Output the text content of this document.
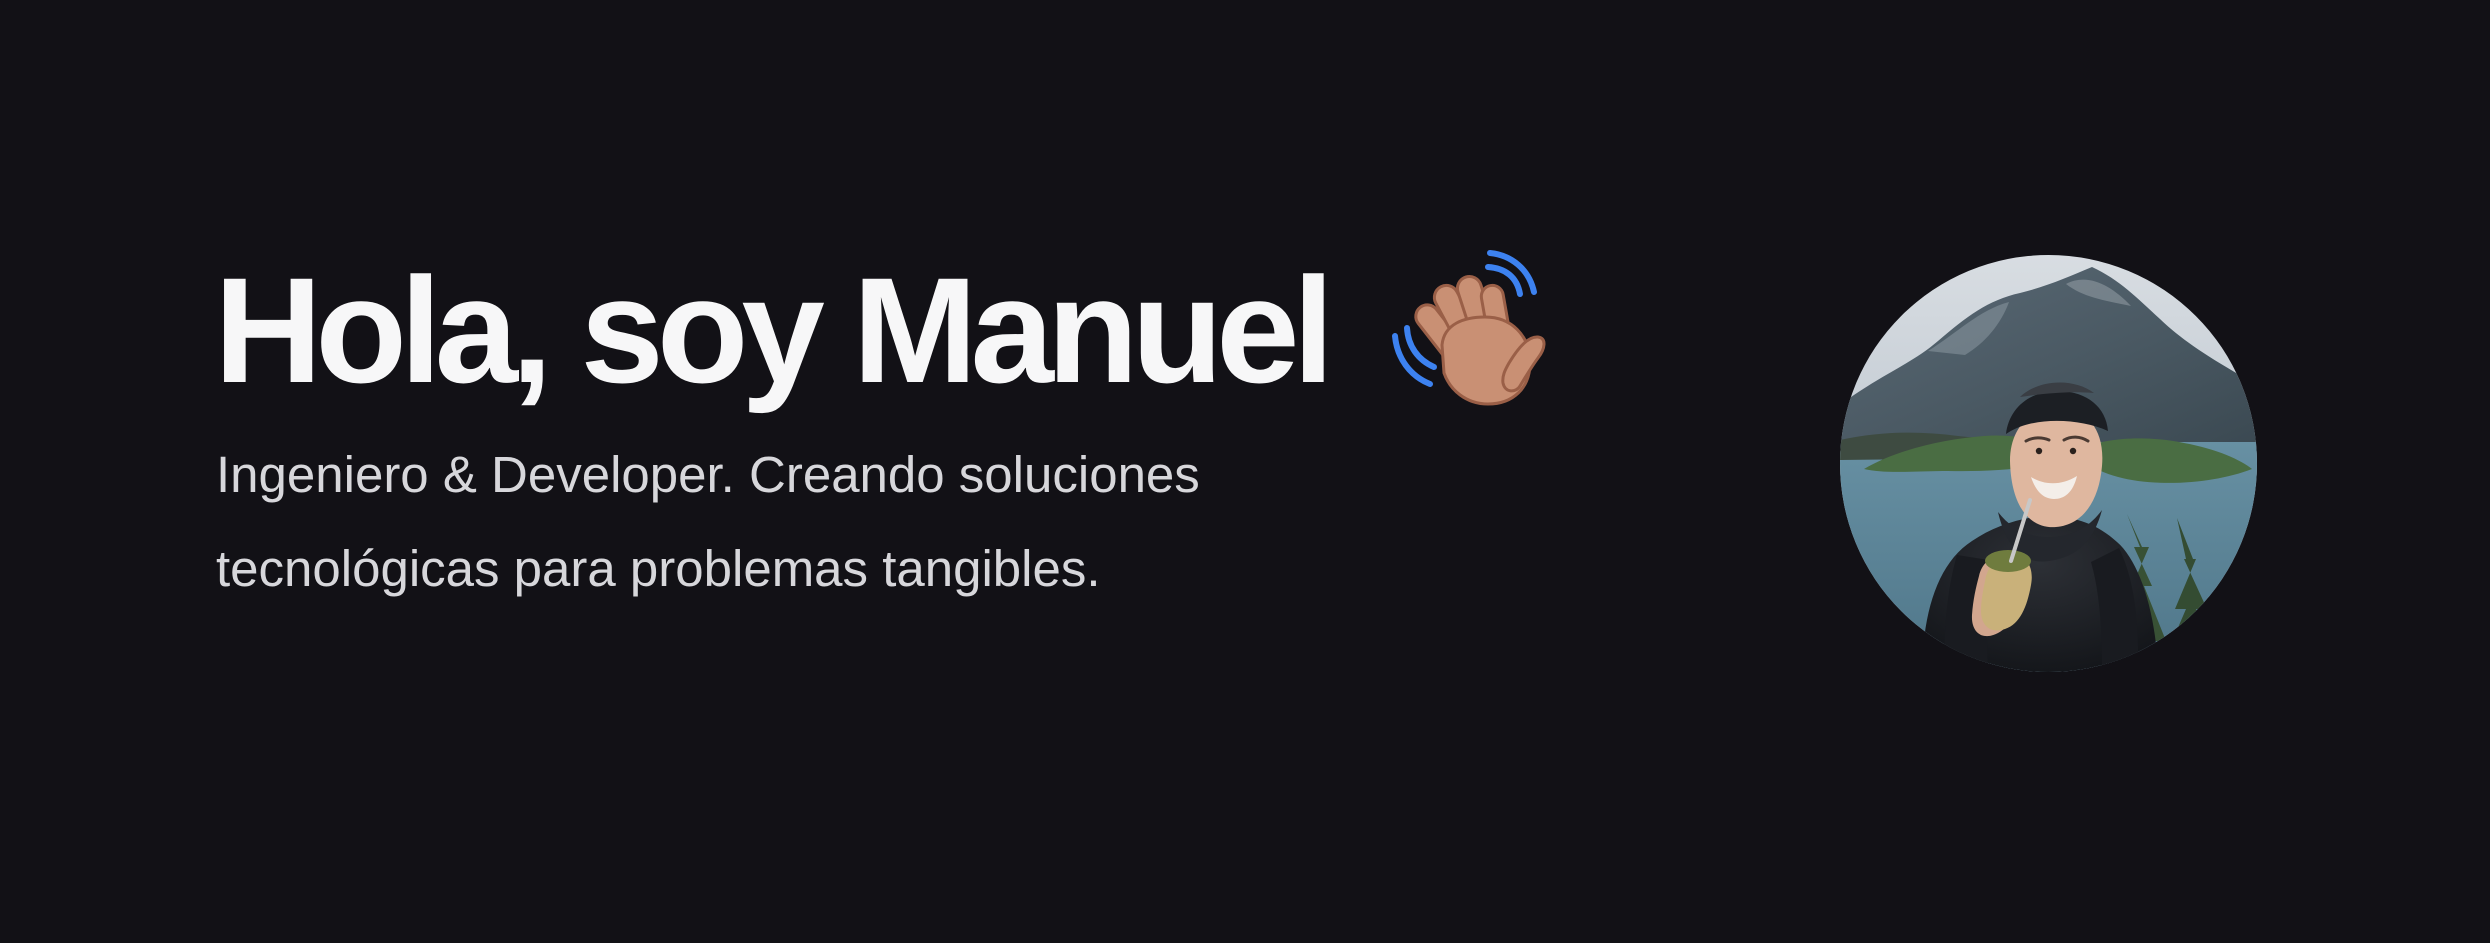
Hola, soy Manuel

Ingeniero & Developer. Creando soluciones
tecnológicas para problemas tangibles.
